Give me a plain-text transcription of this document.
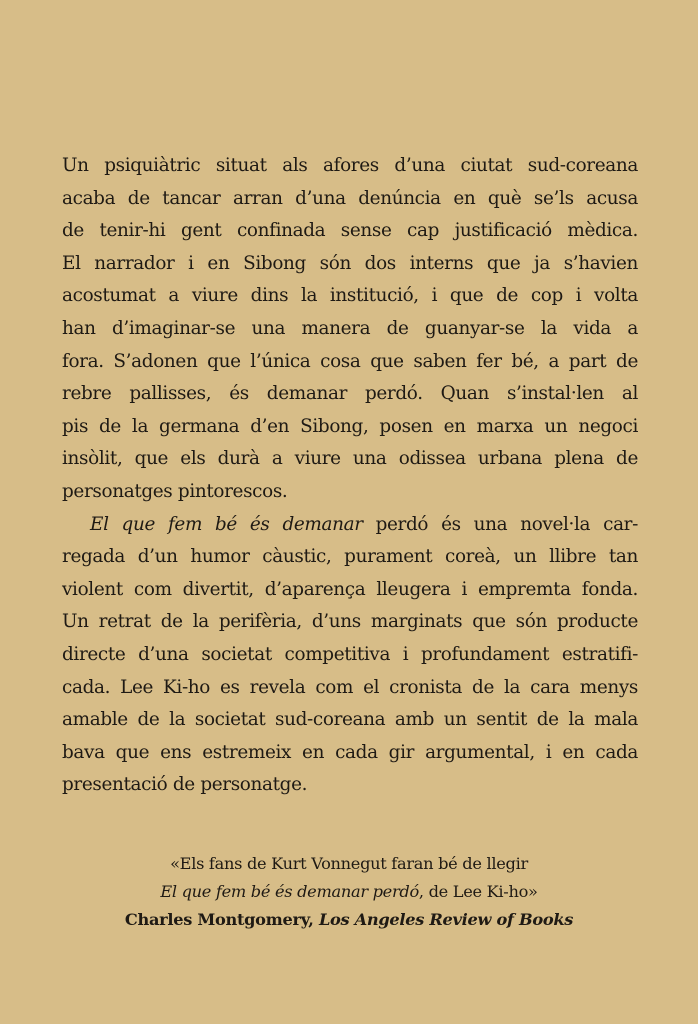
Un psiquiàtric situat als afores d’una ciutat sud-coreana
acaba de tancar arran d’una denúncia en què se’ls acusa
de tenir-hi gent confinada sense cap justificació mèdica.
El narrador i en Sibong són dos interns que ja s’havien
acostumat a viure dins la institució, i que de cop i volta
han d’imaginar-se una manera de guanyar-se la vida a
fora. S’adonen que l’única cosa que saben fer bé, a part de
rebre pallisses, és demanar perdó. Quan s’instal·len al
pis de la germana d’en Sibong, posen en marxa un negoci
insòlit, que els durà a viure una odissea urbana plena de
personatges pintorescos.
El que fem bé és demanar perdó és una novel·la car-
regada d’un humor càustic, purament coreà, un llibre tan
violent com divertit, d’aparença lleugera i empremta fonda.
Un retrat de la perifèria, d’uns marginats que són producte
directe d’una societat competitiva i profundament estratifi-
cada. Lee Ki-ho es revela com el cronista de la cara menys
amable de la societat sud-coreana amb un sentit de la mala
bava que ens estremeix en cada gir argumental, i en cada
presentació de personatge.
«Els fans de Kurt Vonnegut faran bé de llegir
El que fem bé és demanar perdó, de Lee Ki-ho»
Charles Montgomery, Los Angeles Review of Books
